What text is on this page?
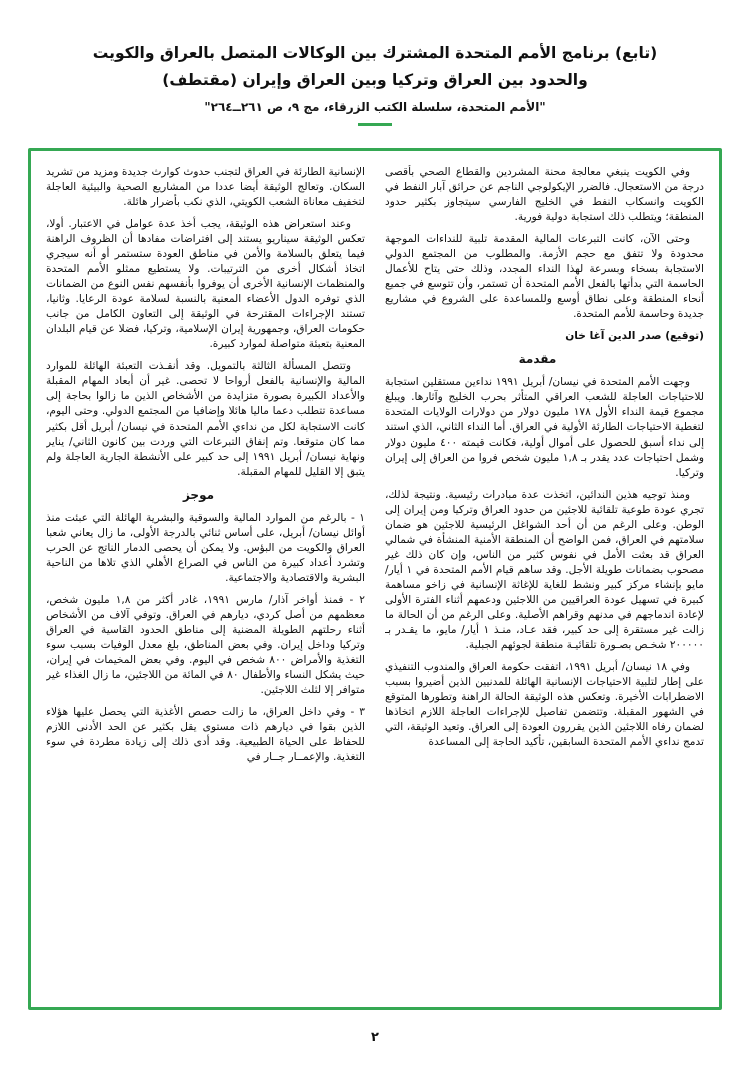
(تابع) برنامج الأمم المتحدة المشترك بين الوكالات المتصل بالعراق والكويت
والحدود بين العراق وتركيا وبين العراق وإيران (مقتطف)
"الأمم المتحدة، سلسلة الكتب الزرقاء، مج ٩، ص ٢٦١ــ٢٦٤"

وفي الكويت ينبغي معالجة محنة المشردين والقطاع الصحي بأقصى درجة من الاستعجال. فالضرر الإيكولوجي الناجم عن حرائق آبار النفط في الكويت وانسكاب النفط في الخليج الفارسي سيتجاوز بكثير حدود المنطقة؛ ويتطلب ذلك استجابة دولية فورية.

وحتى الآن، كانت التبرعات المالية المقدمة تلبية للنداءات الموجهة محدودة ولا تتفق مع حجم الأزمة. والمطلوب من المجتمع الدولي الاستجابة بسخاء وبسرعة لهذا النداء المجدد، وذلك حتى يتاح للأعمال الحاسمة التي بدأتها بالفعل الأمم المتحدة أن تستمر، وأن تتوسع في جميع أنحاء المنطقة وعلى نطاق أوسع وللمساعدة على الشروع في مشاريع جديدة وحاسمة للأمم المتحدة.

(توقيع) صدر الدين آغا خان

مقدمة

وجهت الأمم المتحدة في نيسان/ أبريل ١٩٩١ نداءين مستقلين استجابة للاحتياجات العاجلة للشعب العراقي المتأثر بحرب الخليج وآثارها. ويبلغ مجموع قيمة النداء الأول ١٧٨ مليون دولار من دولارات الولايات المتحدة لتغطية الاحتياجات الطارئة الأولية في العراق. أما النداء الثاني، الذي استند إلى نداء أسبق للحصول على أموال أولية، فكانت قيمته ٤٠٠ مليون دولار وشمل احتياجات عدد يقدر بـ ١,٨ مليون شخص فروا من العراق إلى إيران وتركيا.

ومنذ توجيه هذين الندائين، اتخذت عدة مبادرات رئيسية. ونتيجة لذلك، تجري عودة طوعية تلقائية للاجئين من حدود العراق وتركيا ومن إيران إلى الوطن. وعلى الرغم من أن أحد الشواغل الرئيسية للاجئين هو ضمان سلامتهم في العراق، فمن الواضح أن المنطقة الأمنية المنشأة في شمالي العراق قد بعثت الأمل في نفوس كثير من الناس، وإن كان ذلك غير مصحوب بضمانات طويلة الأجل. وقد ساهم قيام الأمم المتحدة في ١ أيار/ مايو بإنشاء مركز كبير ونشط للغاية للإغاثة الإنسانية في زاخو مساهمة كبيرة في تسهيل عودة العراقيين من اللاجئين ودعمهم أثناء الفترة الأولى لإعادة اندماجهم في مدنهم وقراهم الأصلية. وعلى الرغم من أن الحالة ما زالت غير مستقرة إلى حد كبير، فقد عـاد، منـذ ١ أيار/ مايو، ما يقـدر بـ ٢٠٠٠٠٠ شخـص بصـورة تلقائيـة منطقة لجوئهم الجبلية.

وفي ١٨ نيسان/ أبريل ١٩٩١، اتفقت حكومة العراق والمندوب التنفيذي على إطار لتلبية الاحتياجات الإنسانية الهائلة للمدنيين الذين أضيروا بسبب الاضطرابات الأخيرة. وتعكس هذه الوثيقة الحالة الراهنة وتطورها المتوقع في الشهور المقبلة. وتتضمن تفاصيل للإجراءات العاجلة اللازم اتخاذها لضمان رفاه اللاجئين الذين يقررون العودة إلى العراق. وتعيد الوثيقة، التي تدمج نداءي الأمم المتحدة السابقين، تأكيد الحاجة إلى المساعدة

الإنسانية الطارئة في العراق لتجنب حدوث كوارث جديدة ومزيد من تشريد السكان. وتعالج الوثيقة أيضا عددا من المشاريع الصحية والبيئية العاجلة لتخفيف معاناة الشعب الكويتي، الذي نكب بأضرار هائلة.

وعند استعراض هذه الوثيقة، يجب أخذ عدة عوامل في الاعتبار. أولا، تعكس الوثيقة سيناريو يستند إلى افتراضات مفادها أن الظروف الراهنة فيما يتعلق بالسلامة والأمن في مناطق العودة ستستمر أو أنه سيجري اتخاذ أشكال أخرى من الترتيبات. ولا يستطيع ممثلو الأمم المتحدة والمنظمات الإنسانية الأخرى أن يوفروا بأنفسهم نفس النوع من الضمانات الذي توفره الدول الأعضاء المعنية بالنسبة لسلامة عودة الرعايا. وثانيا، تستند الإجراءات المقترحة في الوثيقة إلى التعاون الكامل من جانب حكومات العراق، وجمهورية إيران الإسلامية، وتركيا، فضلا عن قيام البلدان المعنية بتعبئة متواصلة لموارد كبيرة.

وتتصل المسألة الثالثة بالتمويل. وقد أنقـذت التعبئة الهائلة للموارد المالية والإنسانية بالفعل أرواحا لا تحصى. غير أن أبعاد المهام المقبلة والأعداد الكبيرة بصورة متزايدة من الأشخاص الذين ما زالوا بحاجة إلى مساعدة تتطلب دعما ماليا هائلا وإضافيا من المجتمع الدولي. وحتى اليوم، كانت الاستجابة لكل من نداءي الأمم المتحدة في نيسان/ أبريل أقل بكثير مما كان متوقعا. وتم إنفاق التبرعات التي وردت بين كانون الثاني/ يناير ونهاية نيسان/ أبريل ١٩٩١ إلى حد كبير على الأنشطة الجارية العاجلة ولم يتبق إلا القليل للمهام المقبلة.

موجز

١ - بالرغم من الموارد المالية والسوقية والبشرية الهائلة التي عبئت منذ أوائل نيسان/ أبريل، على أساس ثنائي بالدرجة الأولى، ما زال يعاني شعبا العراق والكويت من البؤس. ولا يمكن أن يحصى الدمار الناتج عن الحرب وتشرد أعداد كبيرة من الناس في الصراع الأهلي الذي تلاها من الناحية البشرية والاقتصادية والاجتماعية.

٢ - فمنذ أواخر آذار/ مارس ١٩٩١، غادر أكثر من ١,٨ مليون شخص، معظمهم من أصل كردي، ديارهم في العراق. وتوفي آلاف من الأشخاص أثناء رحلتهم الطويلة المضنية إلى مناطق الحدود القاسية في العراق وتركيا وداخل إيران. وفي بعض المناطق، بلغ معدل الوفيات بسبب سوء التغذية والأمراض ٨٠٠ شخص في اليوم. وفي بعض المخيمات في إيران، حيث يشكل النساء والأطفال ٨٠ في المائة من اللاجئين، ما زال الغذاء غير متوافر إلا لثلث اللاجئين.

٣ - وفي داخل العراق، ما زالت حصص الأغذية التي يحصل عليها هؤلاء الذين بقوا في ديارهم ذات مستوى يقل بكثير عن الحد الأدنى اللازم للحفاظ على الحياة الطبيعية. وقد أدى ذلك إلى زيادة مطردة في سوء التغذية. والإعمــار جــار في

٢
